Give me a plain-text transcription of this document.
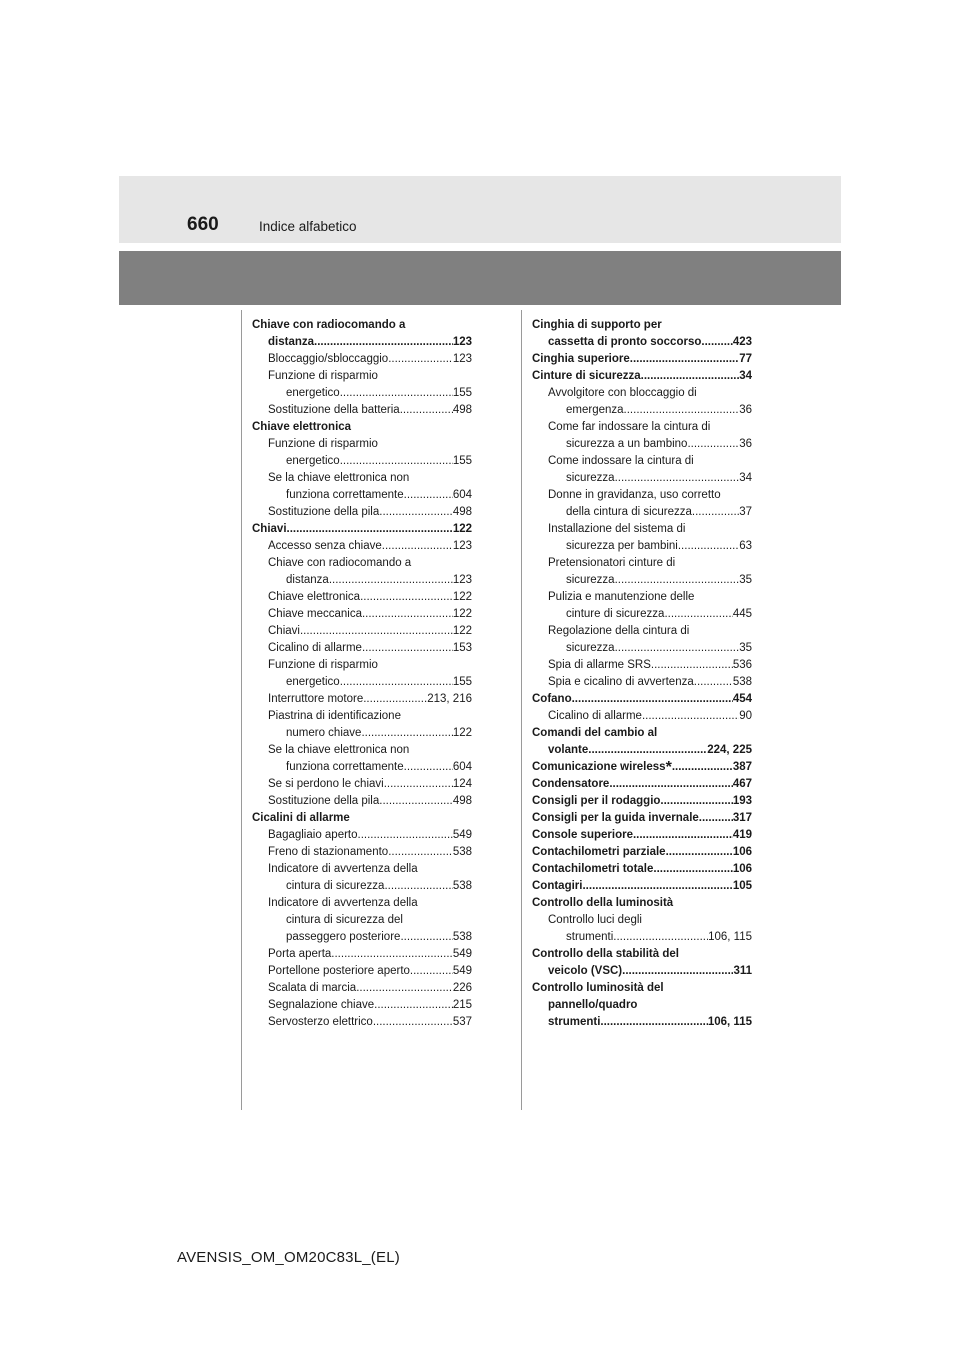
660	Indice alfabetico
Chiave con radiocomando a
distanza .....	123
Bloccaggio/sbloccaggio .....	123
Funzione di risparmio
energetico .....	155
Sostituzione della batteria .....	498
Chiave elettronica
Funzione di risparmio
energetico .....	155
Se la chiave elettronica non
funziona correttamente .....	604
Sostituzione della pila .....	498
Chiavi .....	122
Accesso senza chiave .....	123
Chiave con radiocomando a
distanza .....	123
Chiave elettronica .....	122
Chiave meccanica .....	122
Chiavi .....	122
Cicalino di allarme .....	153
Funzione di risparmio
energetico .....	155
Interruttore motore .....	213, 216
Piastrina di identificazione
numero chiave .....	122
Se la chiave elettronica non
funziona correttamente .....	604
Se si perdono le chiavi .....	124
Sostituzione della pila .....	498
Cicalini di allarme
Bagagliaio aperto .....	549
Freno di stazionamento .....	538
Indicatore di avvertenza della
cintura di sicurezza .....	538
Indicatore di avvertenza della
cintura di sicurezza del
passeggero posteriore .....	538
Porta aperta .....	549
Portellone posteriore aperto .....	549
Scalata di marcia .....	226
Segnalazione chiave .....	215
Servosterzo elettrico .....	537
Cinghia di supporto per
cassetta di pronto soccorso .....	423
Cinghia superiore .....	77
Cinture di sicurezza .....	34
Avvolgitore con bloccaggio di
emergenza .....	36
Come far indossare la cintura di
sicurezza a un bambino .....	36
Come indossare la cintura di
sicurezza .....	34
Donne in gravidanza, uso corretto
della cintura di sicurezza .....	37
Installazione del sistema di
sicurezza per bambini .....	63
Pretensionatori cinture di
sicurezza .....	35
Pulizia e manutenzione delle
cinture di sicurezza .....	445
Regolazione della cintura di
sicurezza .....	35
Spia di allarme SRS .....	536
Spia e cicalino di avvertenza .....	538
Cofano .....	454
Cicalino di allarme .....	90
Comandi del cambio al
volante .....	224, 225
Comunicazione wireless* .....	387
Condensatore .....	467
Consigli per il rodaggio .....	193
Consigli per la guida invernale .....	317
Console superiore .....	419
Contachilometri parziale .....	106
Contachilometri totale .....	106
Contagiri .....	105
Controllo della luminosità
Controllo luci degli
strumenti .....	106, 115
Controllo della stabilità del
veicolo (VSC) .....	311
Controllo luminosità del
pannello/quadro
strumenti .....	106, 115
AVENSIS_OM_OM20C83L_(EL)
